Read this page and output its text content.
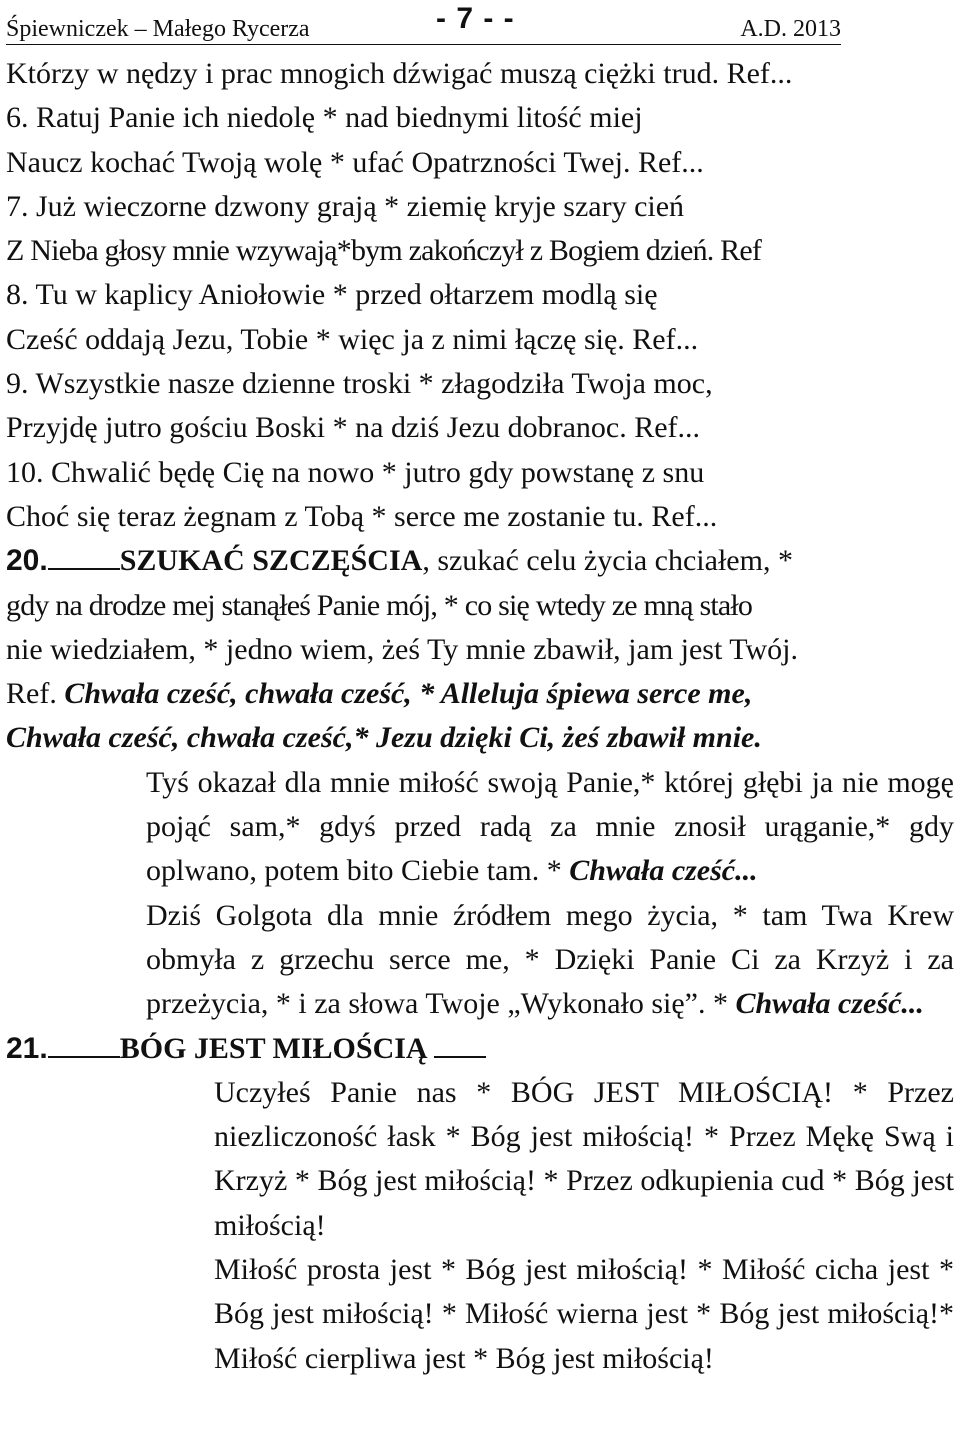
Śpiewniczek – Małego Rycerza	- 7 - -	A.D. 2013
Którzy w nędzy i prac mnogich dźwigać muszą ciężki trud. Ref...
6. Ratuj Panie ich niedolę * nad biednymi litość miej
Naucz kochać Twoją wolę * ufać Opatrzności Twej. Ref...
7. Już wieczorne dzwony grają * ziemię kryje szary cień
Z Nieba głosy mnie wzywają*bym zakończył z Bogiem dzień. Ref
8. Tu w kaplicy Aniołowie * przed ołtarzem modlą się
Cześć oddają Jezu, Tobie * więc ja z nimi łączę się. Ref...
9. Wszystkie nasze dzienne troski * złagodziła Twoja moc,
Przyjdę jutro gościu Boski * na dziś Jezu dobranoc. Ref...
10. Chwalić będę Cię na nowo * jutro gdy powstanę z snu
Choć się teraz żegnam z Tobą * serce me zostanie tu. Ref...
20. SZUKAĆ SZCZĘŚCIA, szukać celu życia chciałem, *
gdy na drodze mej stanąłeś Panie mój, * co się wtedy ze mną stało
nie wiedziałem, * jedno wiem, żeś Ty mnie zbawił, jam jest Twój.
Ref. Chwała cześć, chwała cześć, * Alleluja śpiewa serce me,
Chwała cześć, chwała cześć,* Jezu dzięki Ci, żeś zbawił mnie.
Tyś okazał dla mnie miłość swoją Panie,* której głębi ja nie mogę pojąć sam,* gdyś przed radą za mnie znosił urąganie,* gdy oplwano, potem bito Ciebie tam. * Chwała cześć...
Dziś Golgota dla mnie źródłem mego życia, * tam Twa Krew obmyła z grzechu serce me, * Dzięki Panie Ci za Krzyż i za przeżycia, * i za słowa Twoje „Wykonało się”. * Chwała cześć...
21. BÓG JEST MIŁOŚCIĄ
Uczyłeś Panie nas * BÓG JEST MIŁOŚCIĄ! * Przez niezliczoność łask * Bóg jest miłością! * Przez Mękę Swą i Krzyż * Bóg jest miłością! * Przez odkupienia cud * Bóg jest miłością!
Miłość prosta jest * Bóg jest miłością! * Miłość cicha jest * Bóg jest miłością! * Miłość wierna jest * Bóg jest miłością!* Miłość cierpliwa jest * Bóg jest miłością!
